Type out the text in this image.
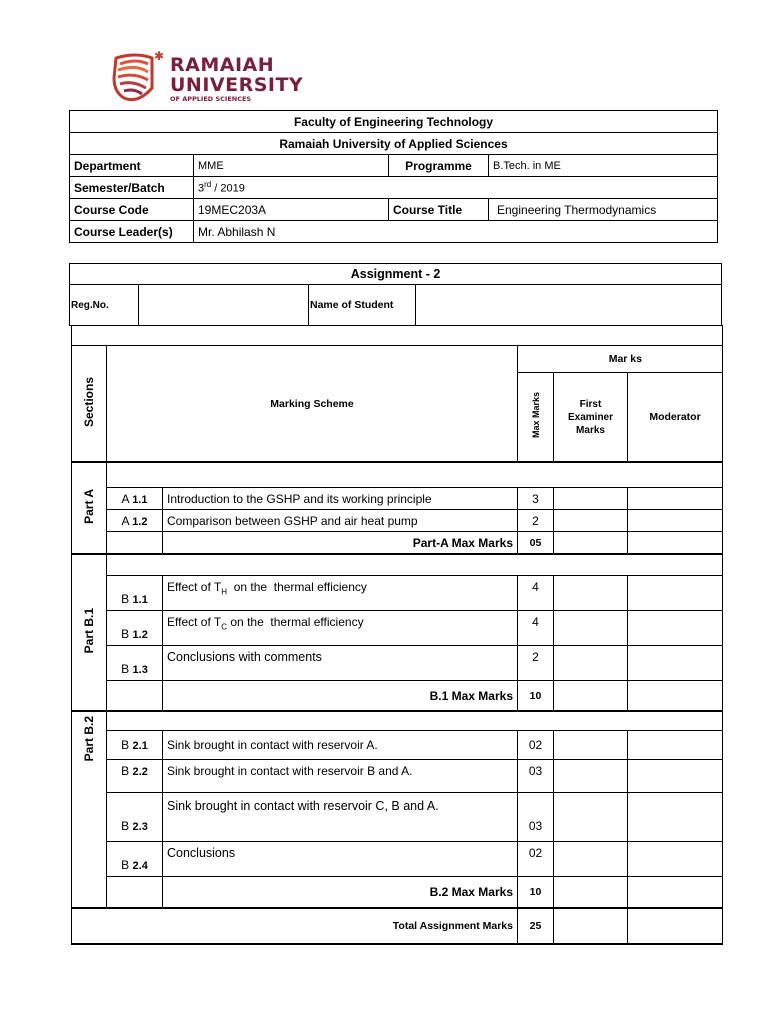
✱ RAMAIAH
UNIVERSITY
OF APPLIED SCIENCES
Faculty of Engineering Technology			
Ramaiah University of Applied Sciences			
Department	MME	Programme	B.Tech. in ME
Semester/Batch	3rd / 2019		
Course Code	19MEC203A	Course Title	Engineering Thermodynamics
Course Leader(s)	Mr. Abhilash N		
Assignment - 2
Reg.No.		Name of Student	

Sections	Marking Scheme		Mar ks		
			Max Marks	First Examiner Marks	Moderator
Part A					
	A 1.1	Introduction to the GSHP and its working principle	3		
	A 1.2	Comparison between GSHP and air heat pump	2		
		Part-A Max Marks	05		
Part B.1					
	B 1.1	Effect of $T_H$  on the  thermal efficiency	4		
	B 1.2	Effect of $T_C$ on the  thermal efficiency	4		
	B 1.3	Conclusions with comments	2		
		B.1 Max Marks	10		
Part B.2					
	B 2.1	Sink brought in contact with reservoir A.	02		
	B 2.2	Sink brought in contact with reservoir B and A.	03		
	B 2.3	Sink brought in contact with reservoir C, B and A.	03		
	B 2.4	Conclusions	02		
		B.2 Max Marks	10		
Total Assignment Marks			25		
